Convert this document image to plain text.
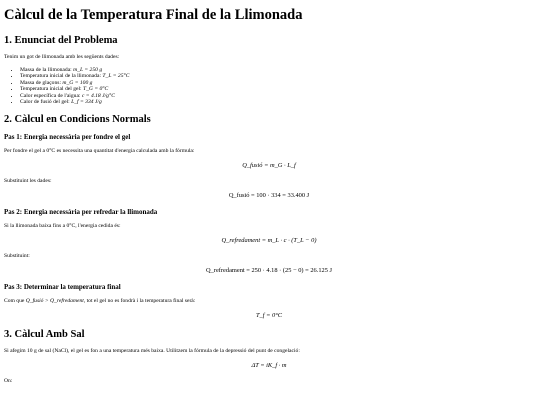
Càlcul de la Temperatura Final de la Llimonada
1. Enunciat del Problema

Tenim un got de llimonada amb les següents dades:

• Massa de la llimonada: m_L = 250 g
• Temperatura inicial de la llimonada: T_L = 25°C
• Massa de glaçons: m_G = 100 g
• Temperatura inicial del gel: T_G = 0°C
• Calor específica de l'aigua: c = 4.18 J/g°C
• Calor de fusió del gel: L_f = 334 J/g
2. Càlcul en Condicions Normals
Pas 1: Energia necessària per fondre el gel

Per fondre el gel a 0°C es necessita una quantitat d'energia calculada amb la fórmula:

Q_fusió = m_G · L_f

Substituint les dades:

Q_fusió = 100 · 334 = 33.400 J
Pas 2: Energia necessària per refredar la llimonada

Si la llimonada baixa fins a 0°C, l'energia cedida és:

Q_refredament = m_L · c · (T_L − 0)

Substituint:

Q_refredament = 250 · 4.18 · (25 − 0) = 26.125 J
Pas 3: Determinar la temperatura final

Com que Q_fusió > Q_refredament, tot el gel no es fondrà i la temperatura final serà:

T_f = 0°C
3. Càlcul Amb Sal

Si afegim 10 g de sal (NaCl), el gel es fon a una temperatura més baixa. Utilitzem la fórmula de la depressió del punt de congelació:

ΔT = iK_f · m

On:
